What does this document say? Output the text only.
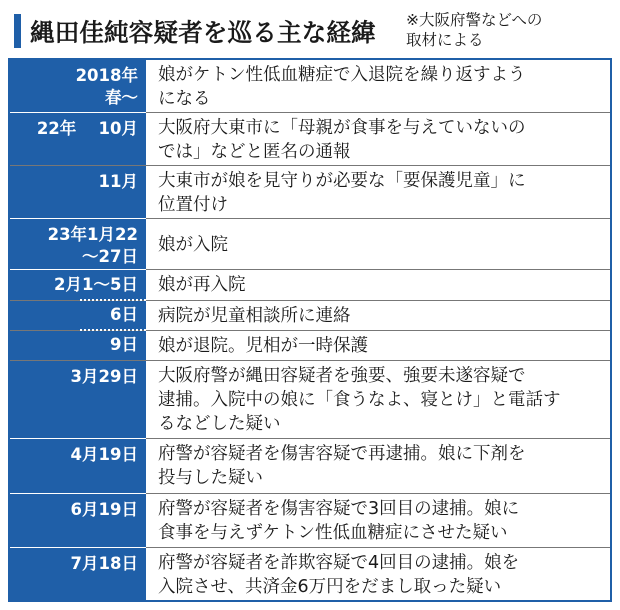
縄田佳純容疑者を巡る主な経緯 ※大阪府警などへの
取材による
2018年
春～
娘がケトン性低血糖症で入退院を繰り返すよう
になる
22年　 10月 大阪府大東市に「母親が食事を与えていないの
では」などと匿名の通報
11月 大東市が娘を見守りが必要な「要保護児童」に
位置付け
23年1月22
～27日
娘が入院
2月1～5日 娘が再入院
6日 病院が児童相談所に連絡
9日 娘が退院。児相が一時保護
3月29日 大阪府警が縄田容疑者を強要、強要未遂容疑で
逮捕。入院中の娘に「食うなよ、寝とけ」と電話す
るなどした疑い
4月19日 府警が容疑者を傷害容疑で再逮捕。娘に下剤を
投与した疑い
6月19日 府警が容疑者を傷害容疑で3回目の逮捕。娘に
食事を与えずケトン性低血糖症にさせた疑い
7月18日 府警が容疑者を詐欺容疑で4回目の逮捕。娘を
入院させ、共済金6万円をだまし取った疑い
